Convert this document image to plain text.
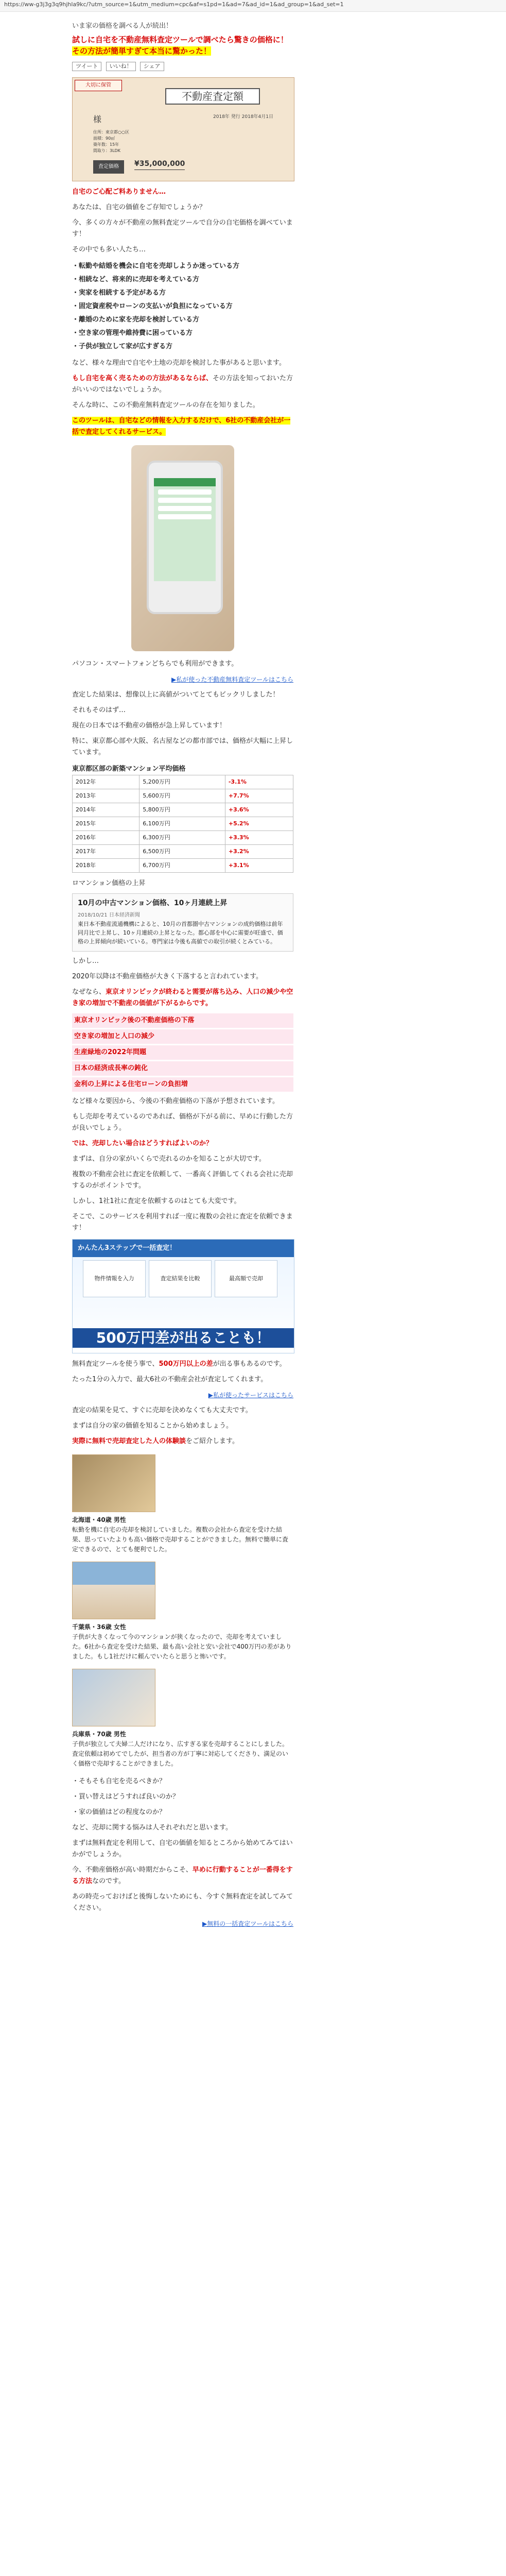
https://ww-g3j3g3q9hjhla9kc/?utm_source=1&utm_medium=cpc&af=s1pd=1&ad=7&ad_id=1&ad_group=1&ad_set=1
いま家の価格を調べる人が続出！
試しに自宅を不動産無料査定ツールで調べたら驚きの価格に！
その方法が簡単すぎて本当に驚かった！
ツイート いいね！ シェア
大切に保管
不動産査定額
様	2018年 発行 2018年4月1日
住所：東京都○○区
面積：90㎡
築年数：15年
間取り：3LDK
査定価格	¥35,000,000

自宅のご心配ご料ありません…

あなたは、自宅の価値をご存知でしょうか？

今、多くの方々が不動産の無料査定ツールで自分の自宅価格を調べています！

その中でも多い人たち…

・転勤や結婚を機会に自宅を売却しようか迷っている方
・相続など、将来的に売却を考えている方
・実家を相続する予定がある方
・固定資産税やローンの支払いが負担になっている方
・離婚のために家を売却を検討している方
・空き家の管理や維持費に困っている方
・子供が独立して家が広すぎる方

など、様々な理由で自宅や土地の売却を検討した事があると思います。

もし自宅を高く売るための方法があるならば、その方法を知っておいた方がいいのではないでしょうか。

そんな時に、この不動産無料査定ツールの存在を知りました。

このツールは、自宅などの情報を入力するだけで、6社の不動産会社が一括で査定してくれるサービス。

パソコン・スマートフォンどちらでも利用ができます。

▶私が使った不動産無料査定ツールはこちら

査定した結果は、想像以上に高値がついてとてもビックリしました！

それもそのはず…

現在の日本では不動産の価格が急上昇しています！

特に、東京都心部や大阪、名古屋などの都市部では、価格が大幅に上昇しています。

東京都区部の新築マンション平均価格
2012年	5,200万円	-3.1%
2013年	5,600万円	+7.7%
2014年	5,800万円	+3.6%
2015年	6,100万円	+5.2%
2016年	6,300万円	+3.3%
2017年	6,500万円	+3.2%
2018年	6,700万円	+3.1%

ロマンション価格の上昇

10月の中古マンション価格、10ヶ月連続上昇
2018/10/21 日本経済新聞
東日本不動産流通機構によると、10月の首都圏中古マンションの成約価格は前年同月比で上昇し、10ヶ月連続の上昇となった。都心部を中心に需要が旺盛で、価格の上昇傾向が続いている。専門家は今後も高値での取引が続くとみている。

しかし…

2020年以降は不動産価格が大きく下落すると言われています。

なぜなら、東京オリンピックが終わると需要が落ち込み、人口の減少や空き家の増加で不動産の価値が下がるからです。

東京オリンピック後の不動産価格の下落
空き家の増加と人口の減少
生産緑地の2022年問題
日本の経済成長率の鈍化
金利の上昇による住宅ローンの負担増

など様々な要因から、今後の不動産価格の下落が予想されています。

もし売却を考えているのであれば、価格が下がる前に、早めに行動した方が良いでしょう。

では、売却したい場合はどうすればよいのか？

まずは、自分の家がいくらで売れるのかを知ることが大切です。

複数の不動産会社に査定を依頼して、一番高く評価してくれる会社に売却するのがポイントです。

しかし、1社1社に査定を依頼するのはとても大変です。

そこで、このサービスを利用すれば一度に複数の会社に査定を依頼できます！

かんたん3ステップで一括査定！
物件情報を入力	査定結果を比較	最高額で売却
500万円差が出ることも！

無料査定ツールを使う事で、500万円以上の差が出る事もあるのです。

たった1分の入力で、最大6社の不動産会社が査定してくれます。

▶私が使ったサービスはこちら

査定の結果を見て、すぐに売却を決めなくても大丈夫です。

まずは自分の家の価値を知ることから始めましょう。

実際に無料で売却査定した人の体験談をご紹介します。

北海道・40歳 男性
転勤を機に自宅の売却を検討していました。複数の会社から査定を受けた結果、思っていたよりも高い価格で売却することができました。無料で簡単に査定できるので、とても便利でした。
千葉県・36歳 女性
子供が大きくなって今のマンションが狭くなったので、売却を考えていました。6社から査定を受けた結果、最も高い会社と安い会社で400万円の差がありました。もし1社だけに頼んでいたらと思うと怖いです。
兵庫県・70歳 男性
子供が独立して夫婦二人だけになり、広すぎる家を売却することにしました。査定依頼は初めてでしたが、担当者の方が丁寧に対応してくださり、満足のいく価格で売却することができました。

・そもそも自宅を売るべきか？

・買い替えはどうすれば良いのか？

・家の価値はどの程度なのか？

など、売却に関する悩みは人それぞれだと思います。

まずは無料査定を利用して、自宅の価値を知るところから始めてみてはいかがでしょうか。

今、不動産価格が高い時期だからこそ、早めに行動することが一番得をする方法なのです。

あの時売っておけばと後悔しないためにも、今すぐ無料査定を試してみてください。

▶無料の一括査定ツールはこちら
